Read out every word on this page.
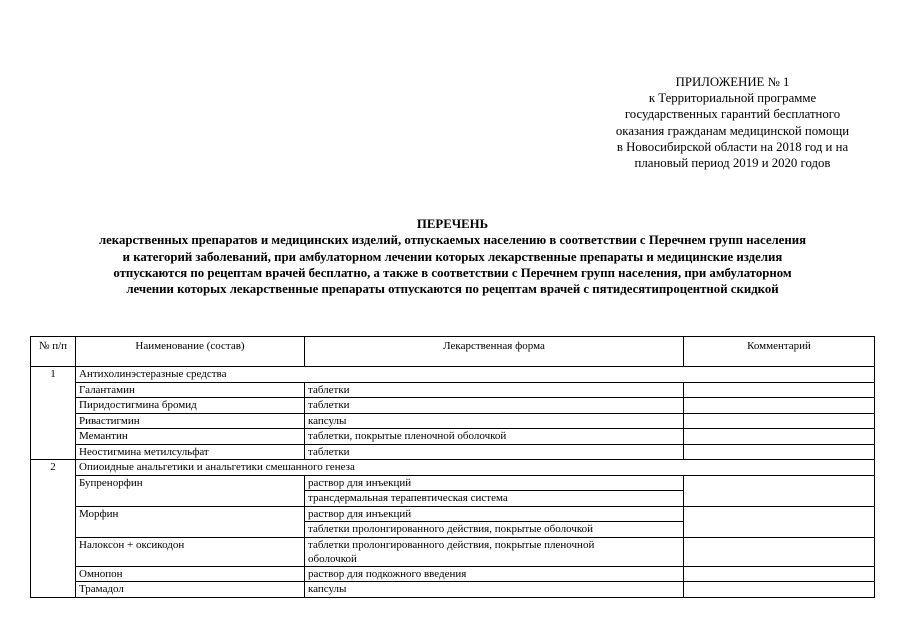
ПРИЛОЖЕНИЕ № 1
к Территориальной программе
государственных гарантий бесплатного
оказания гражданам медицинской помощи
в Новосибирской области на 2018 год и на
плановый период 2019 и 2020 годов
ПЕРЕЧЕНЬ
лекарственных препаратов и медицинских изделий, отпускаемых населению в соответствии с Перечнем групп населения
и категорий заболеваний, при амбулаторном лечении которых лекарственные препараты и медицинские изделия
отпускаются по рецептам врачей бесплатно, а также в соответствии с Перечнем групп населения, при амбулаторном
лечении которых лекарственные препараты отпускаются по рецептам врачей с пятидесятипроцентной скидкой
№ п/п	Наименование (состав)	Лекарственная форма	Комментарий
1	Антихолинэстеразные средства		
	Галантамин	таблетки	
	Пиридостигмина бромид	таблетки	
	Ривастигмин	капсулы	
	Мемантин	таблетки, покрытые пленочной оболочкой	
	Неостигмина метилсульфат	таблетки	
2	Опиоидные анальгетики и анальгетики смешанного генеза		
	Бупренорфин	раствор для инъекций	
		трансдермальная терапевтическая система	
	Морфин	раствор для инъекций	
		таблетки пролонгированного действия, покрытые оболочкой	
	Налоксон + оксикодон	таблетки пролонгированного действия, покрытые пленочной оболочкой	
	Омнопон	раствор для подкожного введения	
	Трамадол	капсулы	
